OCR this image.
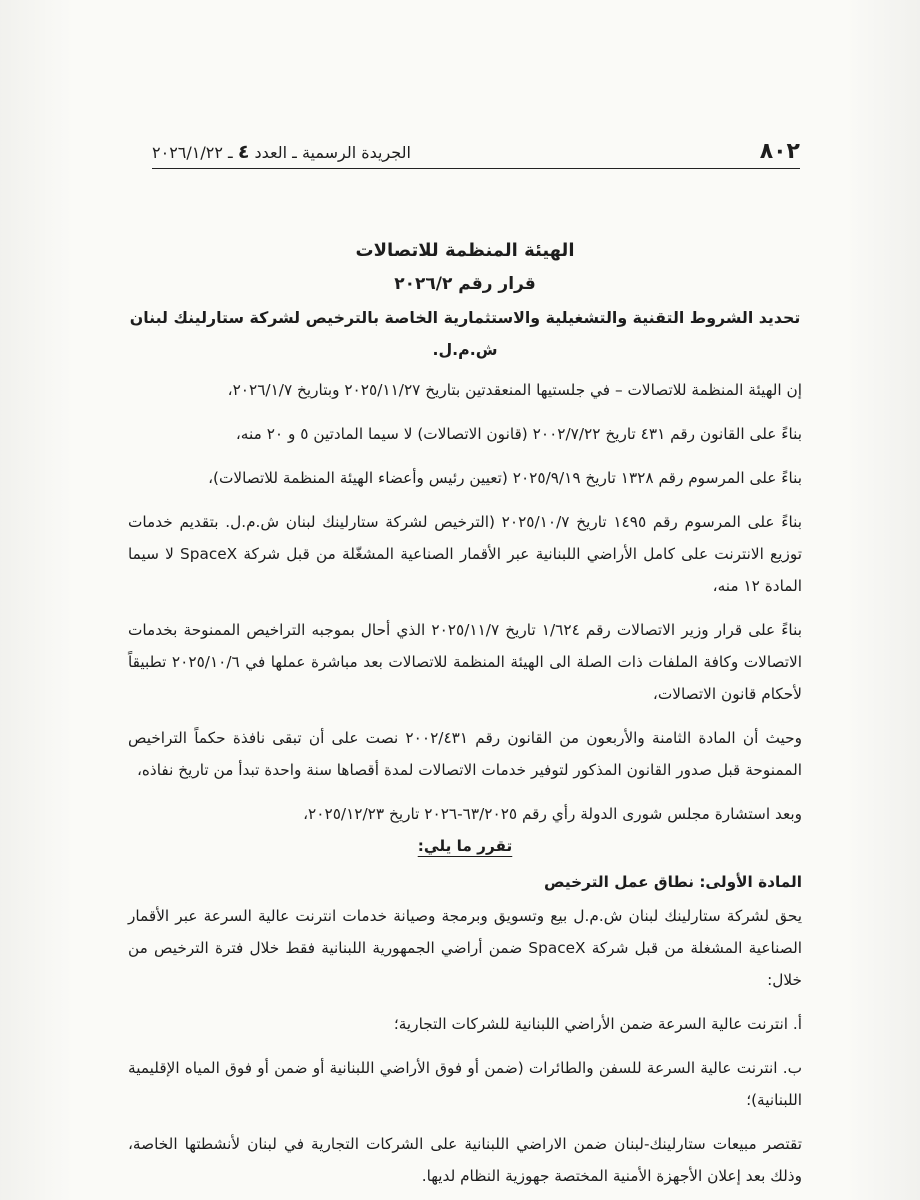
٨٠٢
الجريدة الرسمية ـ العدد ٤ ـ ٢٠٢٦/١/٢٢
الهيئة المنظمة للاتصالات
قرار رقم ٢٠٢٦/٢
تحديد الشروط التقنية والتشغيلية والاستثمارية الخاصة بالترخيص لشركة ستارلينك لبنان ش.م.ل.

إن الهيئة المنظمة للاتصالات – في جلستيها المنعقدتين بتاريخ ٢٠٢٥/١١/٢٧ وبتاريخ ٢٠٢٦/١/٧،

بناءً على القانون رقم ٤٣١ تاريخ ٢٠٠٢/٧/٢٢ (قانون الاتصالات) لا سيما المادتين ٥ و ٢٠ منه،

بناءً على المرسوم رقم ١٣٢٨ تاريخ ٢٠٢٥/٩/١٩ (تعيين رئيس وأعضاء الهيئة المنظمة للاتصالات)،

بناءً على المرسوم رقم ١٤٩٥ تاريخ ٢٠٢٥/١٠/٧ (الترخيص لشركة ستارلينك لبنان ش.م.ل. بتقديم خدمات توزيع الانترنت على كامل الأراضي اللبنانية عبر الأقمار الصناعية المشغّلة من قبل شركة SpaceX لا سيما المادة ١٢ منه،

بناءً على قرار وزير الاتصالات رقم ١/٦٢٤ تاريخ ٢٠٢٥/١١/٧ الذي أحال بموجبه التراخيص الممنوحة بخدمات الاتصالات وكافة الملفات ذات الصلة الى الهيئة المنظمة للاتصالات بعد مباشرة عملها في ٢٠٢٥/١٠/٦ تطبيقاً لأحكام قانون الاتصالات،

وحيث أن المادة الثامنة والأربعون من القانون رقم ٢٠٠٢/٤٣١ نصت على أن تبقى نافذة حكماً التراخيص الممنوحة قبل صدور القانون المذكور لتوفير خدمات الاتصالات لمدة أقصاها سنة واحدة تبدأ من تاريخ نفاذه،

وبعد استشارة مجلس شورى الدولة رأي رقم ٦٣/٢٠٢٥-٢٠٢٦ تاريخ ٢٠٢٥/١٢/٢٣،

تقرر ما يلي:
المادة الأولى: نطاق عمل الترخيص

يحق لشركة ستارلينك لبنان ش.م.ل بيع وتسويق وبرمجة وصيانة خدمات انترنت عالية السرعة عبر الأقمار الصناعية المشغلة من قبل شركة SpaceX ضمن أراضي الجمهورية اللبنانية فقط خلال فترة الترخيص من خلال:

أ. انترنت عالية السرعة ضمن الأراضي اللبنانية للشركات التجارية؛

ب. انترنت عالية السرعة للسفن والطائرات (ضمن أو فوق الأراضي اللبنانية أو ضمن أو فوق المياه الإقليمية اللبنانية)؛

تقتصر مبيعات ستارلينك-لبنان ضمن الاراضي اللبنانية على الشركات التجارية في لبنان لأنشطتها الخاصة، وذلك بعد إعلان الأجهزة الأمنية المختصة جهوزية النظام لديها.
